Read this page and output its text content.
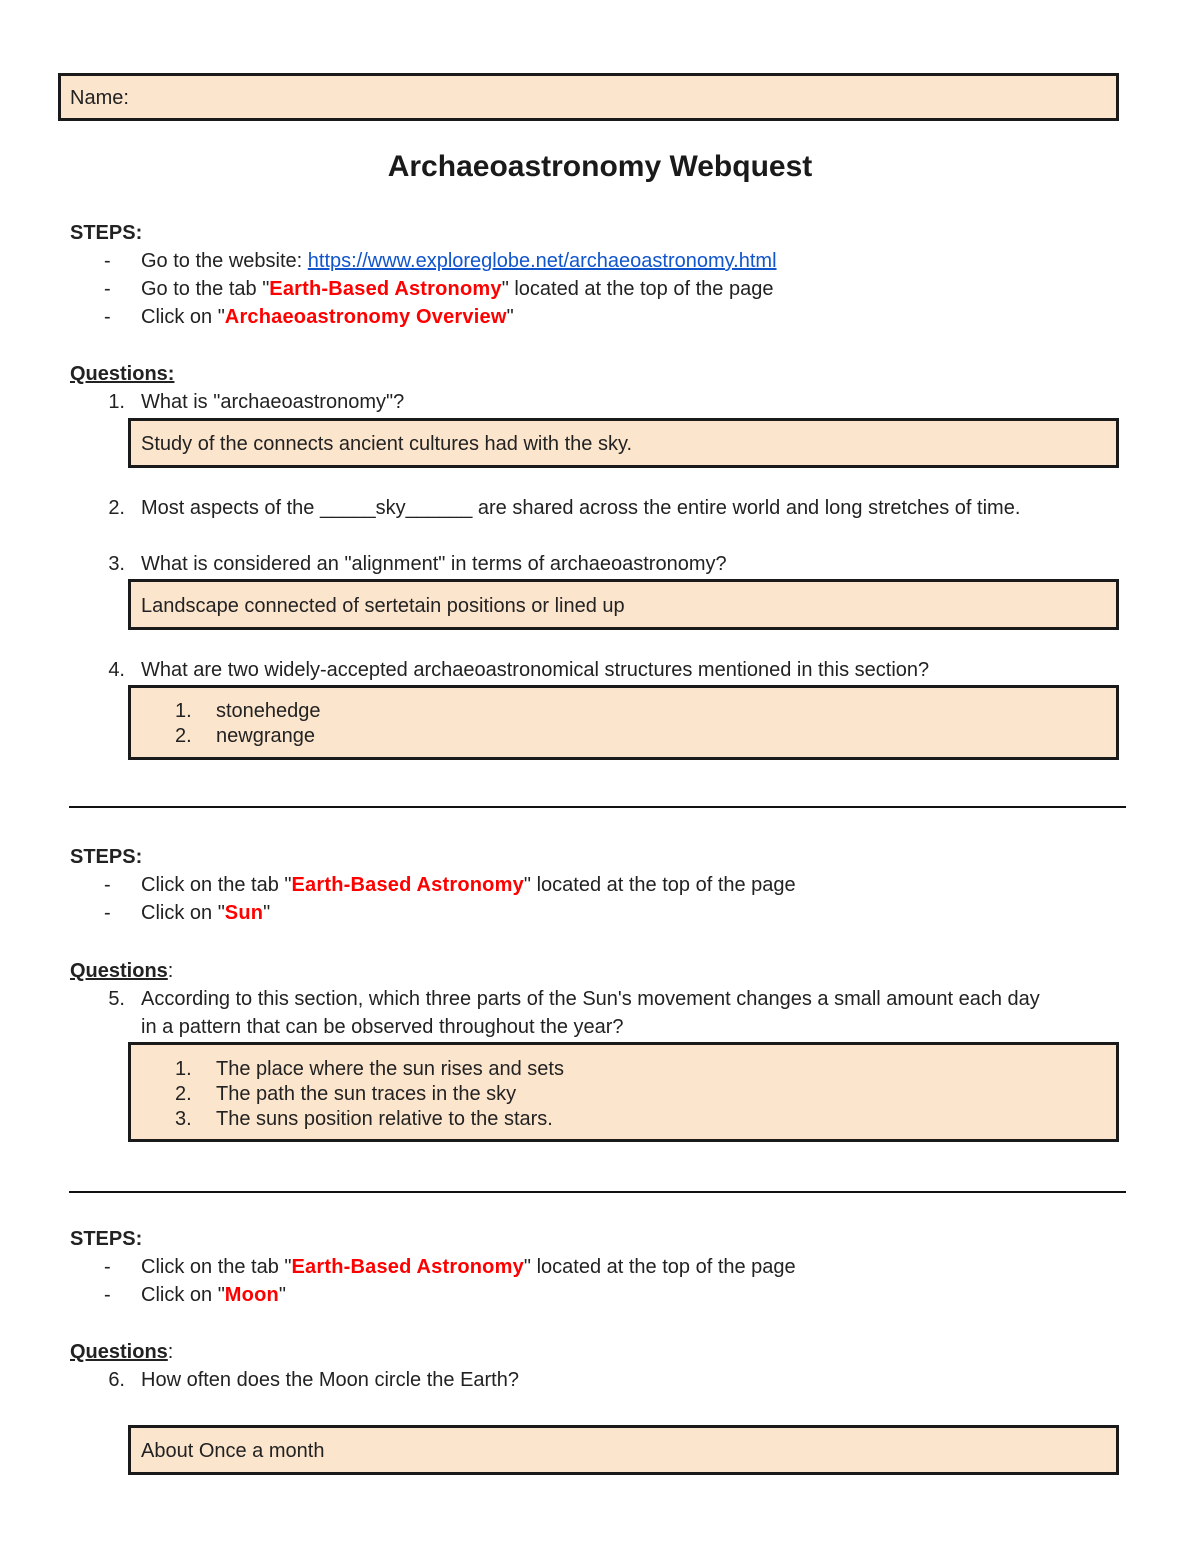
Name:
Archaeoastronomy Webquest
STEPS:
-	Go to the website: https://www.exploreglobe.net/archaeoastronomy.html
-	Go to the tab "Earth-Based Astronomy" located at the top of the page
-	Click on "Archaeoastronomy Overview"
Questions:
1. What is "archaeoastronomy"?
Study of the connects ancient cultures had with the sky.
2. Most aspects of the _____sky______ are shared across the entire world and long stretches of time.
3. What is considered an "alignment" in terms of archaeoastronomy?
Landscape connected of sertetain positions or lined up
4. What are two widely-accepted archaeoastronomical structures mentioned in this section?
1.	stonehedge
2.	newgrange
STEPS:
-	Click on the tab "Earth-Based Astronomy" located at the top of the page
-	Click on "Sun"
Questions:
5. According to this section, which three parts of the Sun's movement changes a small amount each day
in a pattern that can be observed throughout the year?
1.	The place where the sun rises and sets
2.	The path the sun traces in the sky
3.	The suns position relative to the stars.
STEPS:
-	Click on the tab "Earth-Based Astronomy" located at the top of the page
-	Click on "Moon"
Questions:
6. How often does the Moon circle the Earth?
About Once a month
